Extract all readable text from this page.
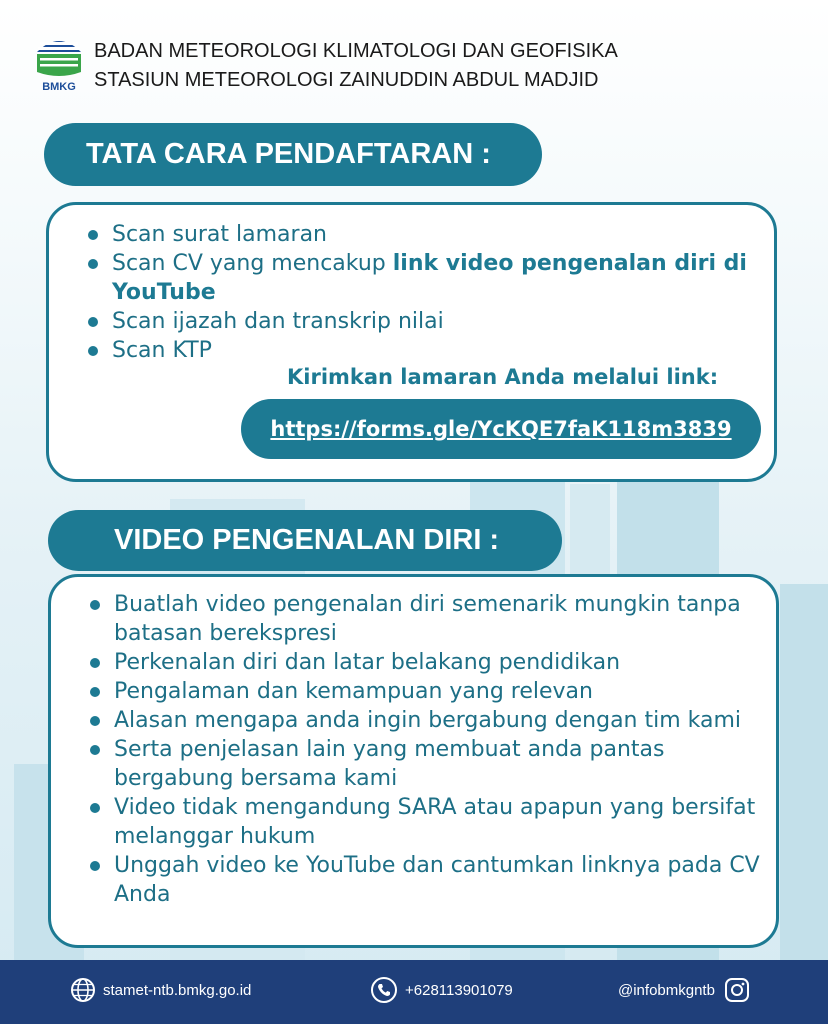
BMKG
BADAN METEOROLOGI KLIMATOLOGI DAN GEOFISIKA
STASIUN METEOROLOGI ZAINUDDIN ABDUL MADJID
TATA CARA PENDAFTARAN :
Scan surat lamaran
Scan CV yang mencakup link video pengenalan diri di YouTube
Scan ijazah dan transkrip nilai
Scan KTP
Kirimkan lamaran Anda melalui link:
https://forms.gle/YcKQE7faK118m3839
VIDEO PENGENALAN DIRI :
Buatlah video pengenalan diri semenarik mungkin tanpa batasan berekspresi
Perkenalan diri dan latar belakang pendidikan
Pengalaman dan kemampuan yang relevan
Alasan mengapa anda ingin bergabung dengan tim kami
Serta penjelasan lain yang membuat anda pantas bergabung bersama kami
Video tidak mengandung SARA atau apapun yang bersifat melanggar hukum
Unggah video ke YouTube dan cantumkan linknya pada CV Anda
stamet-ntb.bmkg.go.id	+628113901079	@infobmkgntb
